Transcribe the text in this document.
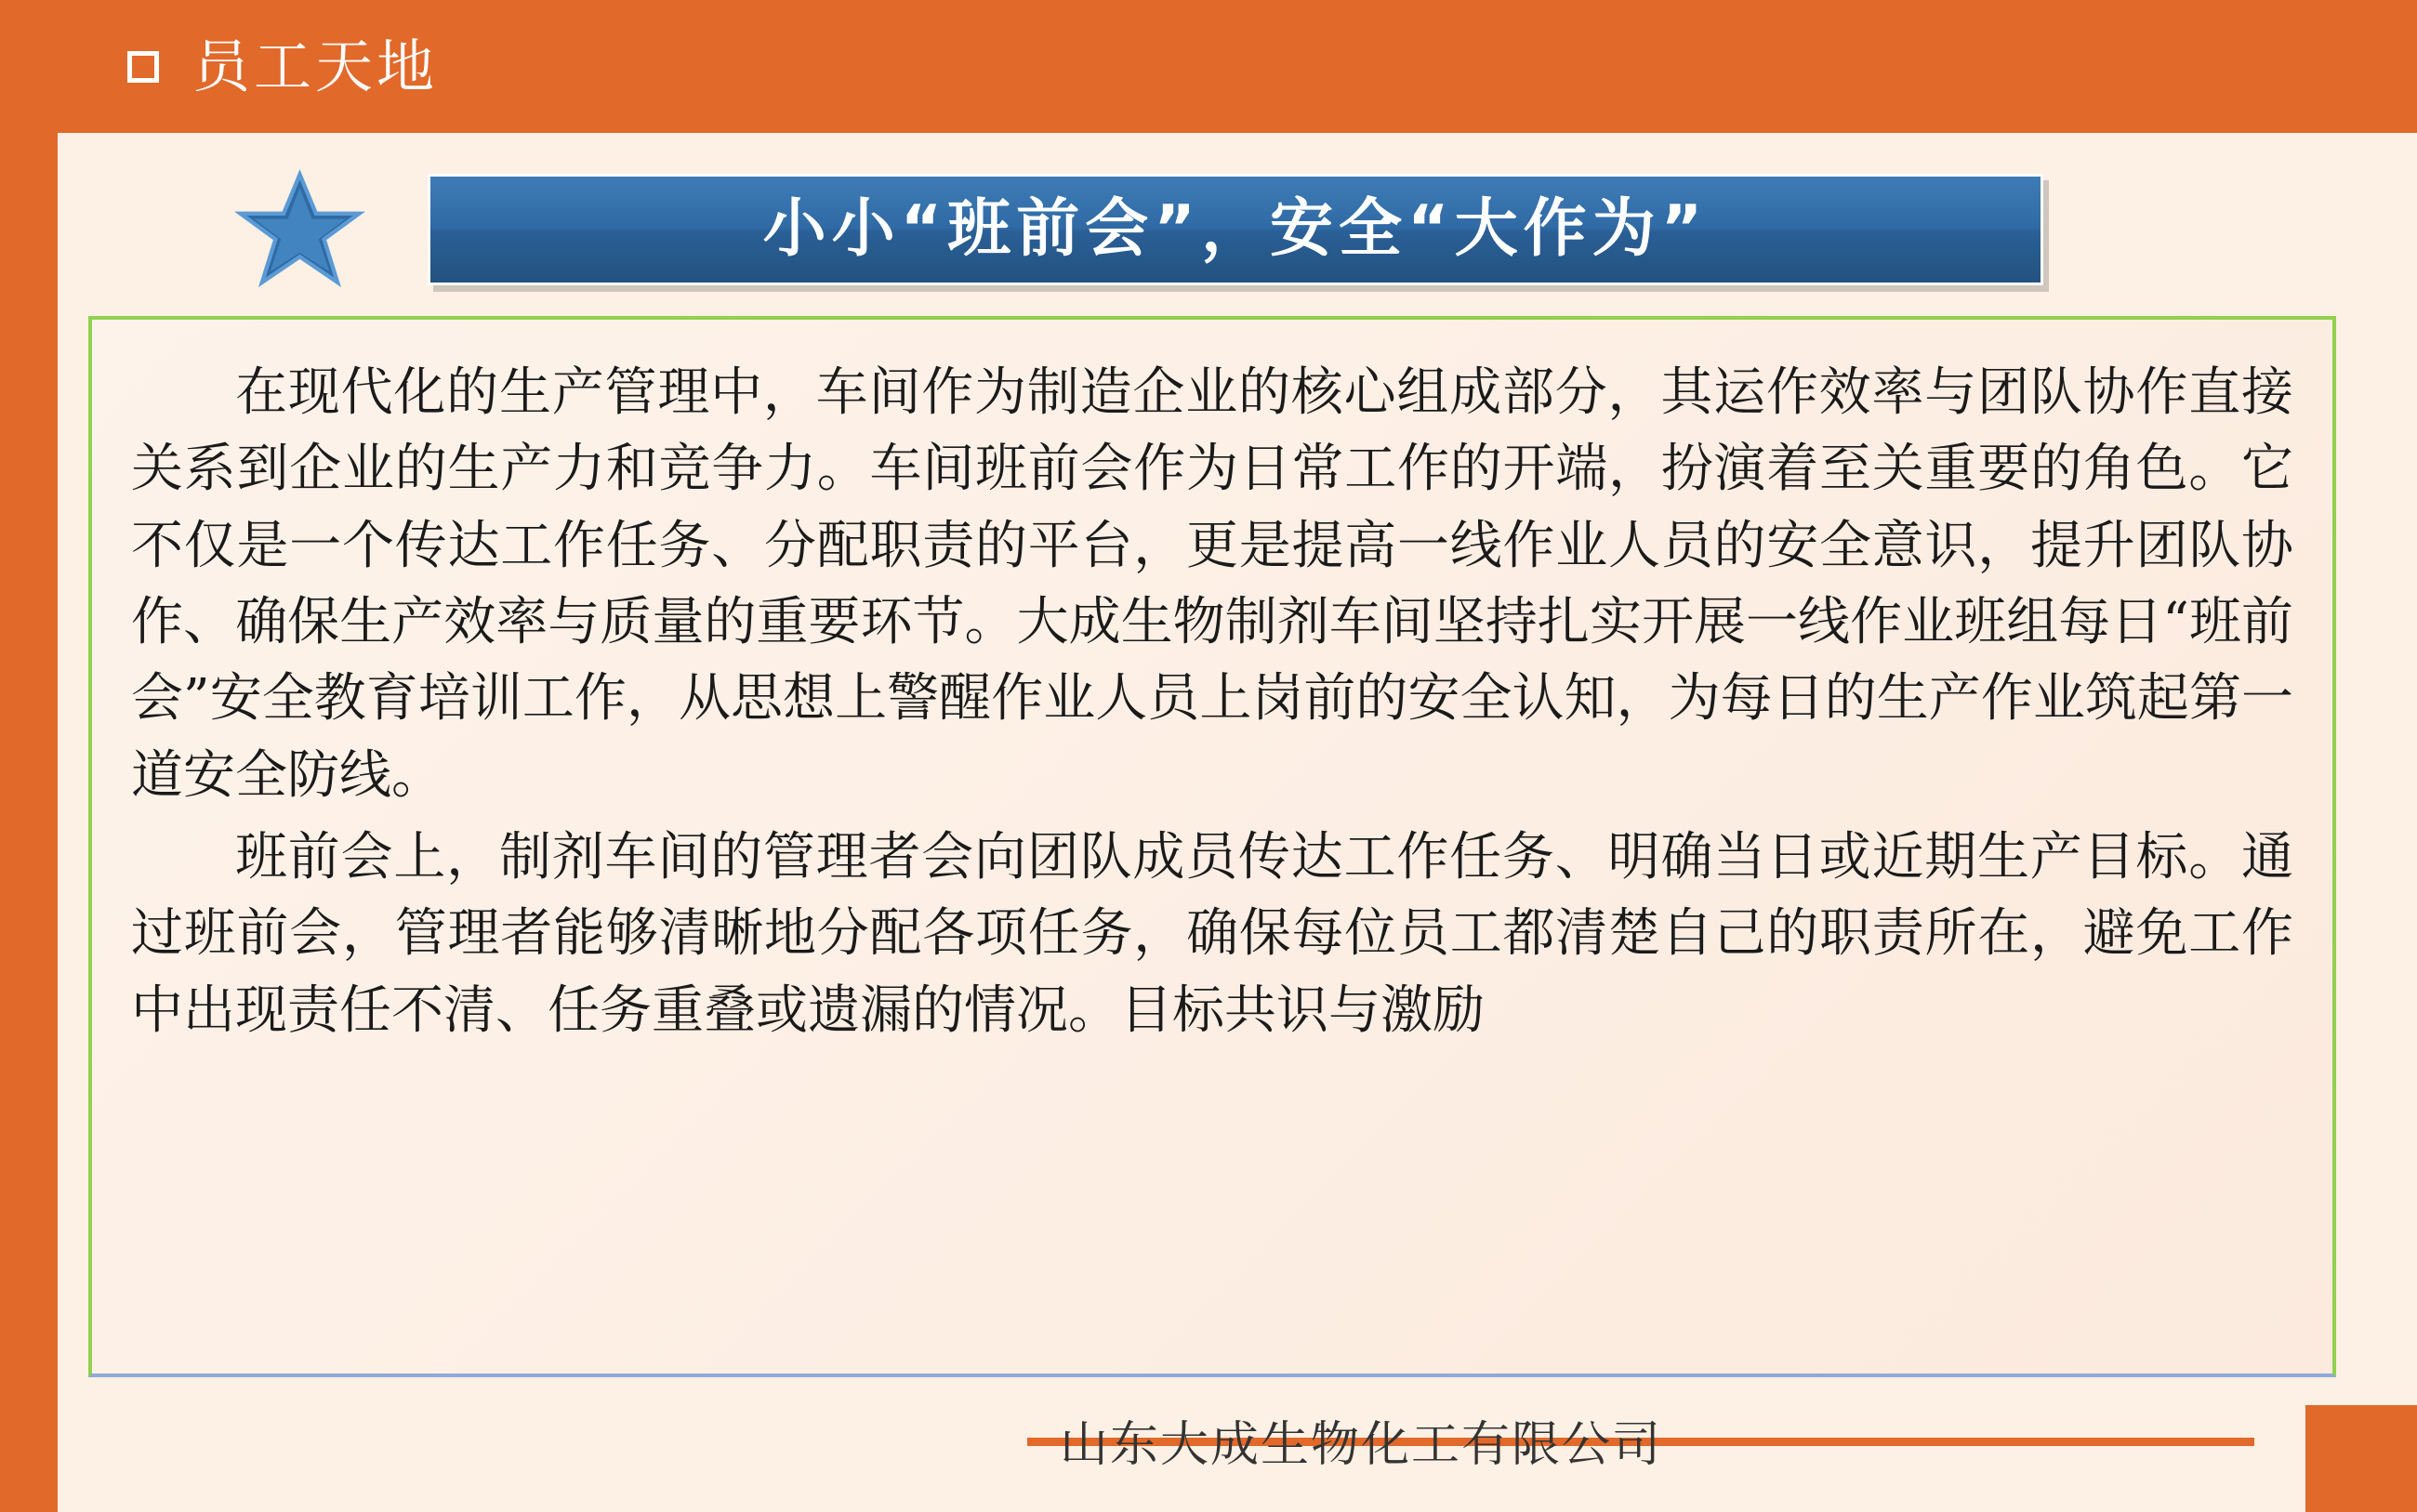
员工天地
小小“班前会”，安全“大作为”

在现代化的生产管理中，车间作为制造企业的核心组成部分，其运作效率与团队协作直接关系到企业的生产力和竞争力。车间班前会作为日常工作的开端，扮演着至关重要的角色。它不仅是一个传达工作任务、分配职责的平台，更是提高一线作业人员的安全意识，提升团队协作、确保生产效率与质量的重要环节。大成生物制剂车间坚持扎实开展一线作业班组每日“班前会”安全教育培训工作，从思想上警醒作业人员上岗前的安全认知，为每日的生产作业筑起第一道安全防线。

班前会上，制剂车间的管理者会向团队成员传达工作任务、明确当日或近期生产目标。通过班前会，管理者能够清晰地分配各项任务，确保每位员工都清楚自己的职责所在，避免工作中出现责任不清、任务重叠或遗漏的情况。目标共识与激励

山东大成生物化工有限公司
